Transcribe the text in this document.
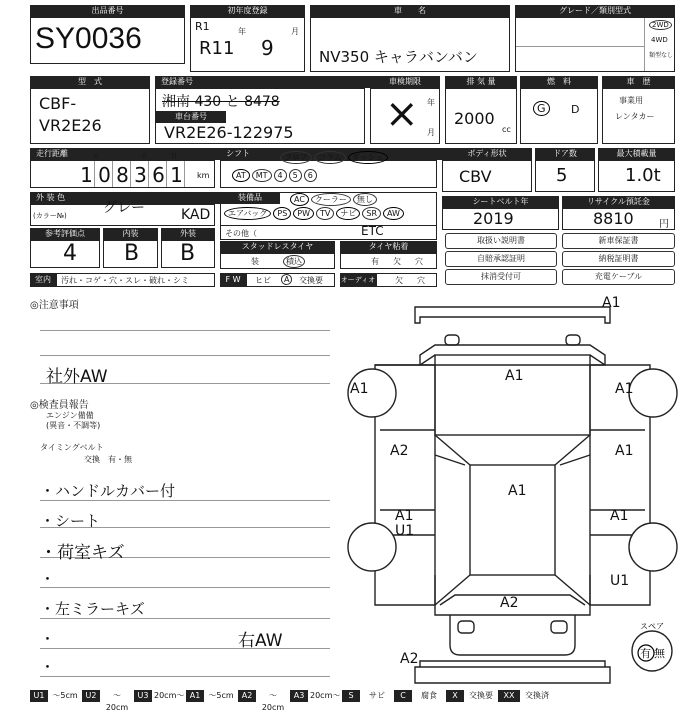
出品番号
SY0036
初年度登録
R1	年	月
R1 1 9
車　　名
NV350 キャラバンバン
グレード／類別型式
2WD
4WD
類型なし
型　式
CBF- VR2E26
登録番号
湘南 430 と 8478
車台番号
VR2E26-122975
車検期限
年
月
×
排 気 量
2000
cc
燃　料
G	D
車　歴
事業用
レンタカー
走行距離	万	千	百
1 0 8 3 6 1 km
シフト	フロア コラム ダッシュ
AT MT 4 5 6
ボディ形状
CBV
ドア数
5
最大積載量
1.0t
外 装 色
(カラー№)	グレー	KAD
装備品	AC クーラー 無し
エアバッグ PS PW TV ナビ SR AW
その他（	ETC
シートベルト年
2019
リサイクル預託金
8810	円
参考評価点
4
内装
B
外装
B	スタッドレスタイヤ
装	積込
タイヤ粘着
有 欠 穴
取扱い説明書	新車保証書
自賠承認証明	納税証明書
抹消受付可	充電ケーブル
室内	汚れ・コゲ・穴・スレ・破れ・シミ	F W	ヒビ	A	交換要	オーディオ 欠 穴
◎注意事項
社外AW
◎検査員報告
エンジン備備
(異音・不調等)
タイミングベルト
交換　有・無
・ハンドルカバー付
・シート
・荷室キズ
・
・左ミラーキズ
・
・
右AW
A1
A1
A1
A2	A1
A1
A1
A1
U1
A1
U1
A2
A2
スペア
有 無
U1 〜5cm U2	〜20cm
U3 20cm〜 A1	〜5cm	A2	〜20cm
A3 20cm〜	S	サビ	C	腐食	X	交換要	XX	交換済
